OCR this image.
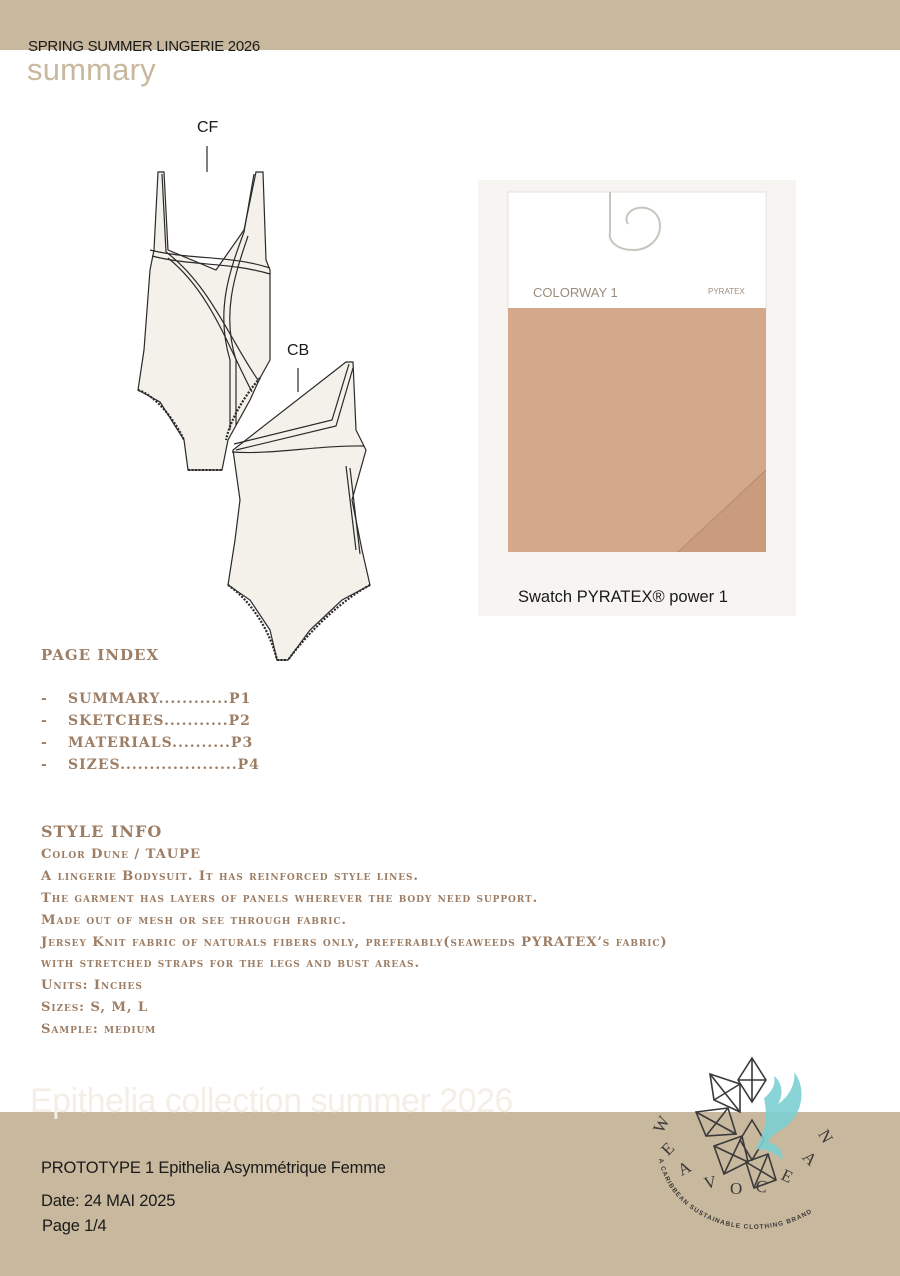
SPRING SUMMER LINGERIE 2026
summary
CF
CB
COLORWAY 1	PYRATEX
Swatch PYRATEX® power 1
PAGE INDEX
- SUMMARY............P1
- SKETCHES...........P2
- MATERIALS..........P3
- SIZES....................P4
STYLE INFO
Color Dune / TAUPE
A lingerie Bodysuit. It has reinforced style lines.
The garment has layers of panels wherever the body need support.
Made out of mesh or see through fabric.
Jersey Knit fabric of naturals fibers only, preferably(seaweeds PYRATEX’s fabric)
with stretched straps for the legs and bust areas.
Units: Inches
Sizes: S, M, L
Sample: medium
Epithelia collection summer 2026
PROTOTYPE 1 Epithelia Asymmétrique Femme
Date: 24 MAI 2025
Page 1/4
W
E
A
V O C E
A
N
A CARIBBEAN SUSTAINABLE CLOTHING BRAND
